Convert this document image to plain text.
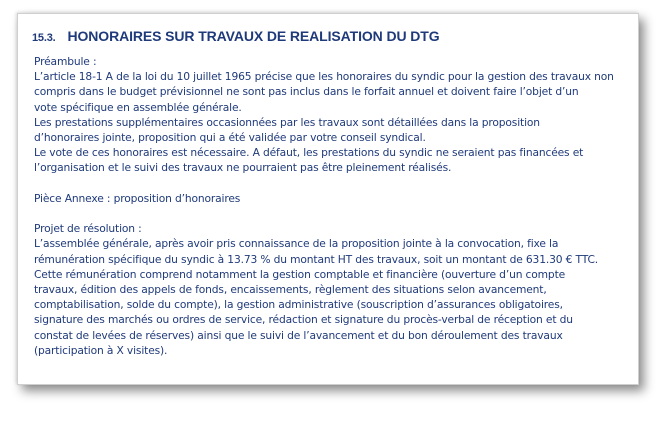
15.3. HONORAIRES SUR TRAVAUX DE REALISATION DU DTG

Préambule :

L’article 18-1 A de la loi du 10 juillet 1965 précise que les honoraires du syndic pour la gestion des travaux non

compris dans le budget prévisionnel ne sont pas inclus dans le forfait annuel et doivent faire l’objet d’un

vote spécifique en assemblée générale.

Les prestations supplémentaires occasionnées par les travaux sont détaillées dans la proposition

d’honoraires jointe, proposition qui a été validée par votre conseil syndical.

Le vote de ces honoraires est nécessaire. A défaut, les prestations du syndic ne seraient pas financées et

l’organisation et le suivi des travaux ne pourraient pas être pleinement réalisés.

Pièce Annexe : proposition d’honoraires

Projet de résolution :

L’assemblée générale, après avoir pris connaissance de la proposition jointe à la convocation, fixe la

rémunération spécifique du syndic à 13.73 % du montant HT des travaux, soit un montant de 631.30 € TTC.

Cette rémunération comprend notamment la gestion comptable et financière (ouverture d’un compte

travaux, édition des appels de fonds, encaissements, règlement des situations selon avancement,

comptabilisation, solde du compte), la gestion administrative (souscription d’assurances obligatoires,

signature des marchés ou ordres de service, rédaction et signature du procès-verbal de réception et du

constat de levées de réserves) ainsi que le suivi de l’avancement et du bon déroulement des travaux

(participation à X visites).
